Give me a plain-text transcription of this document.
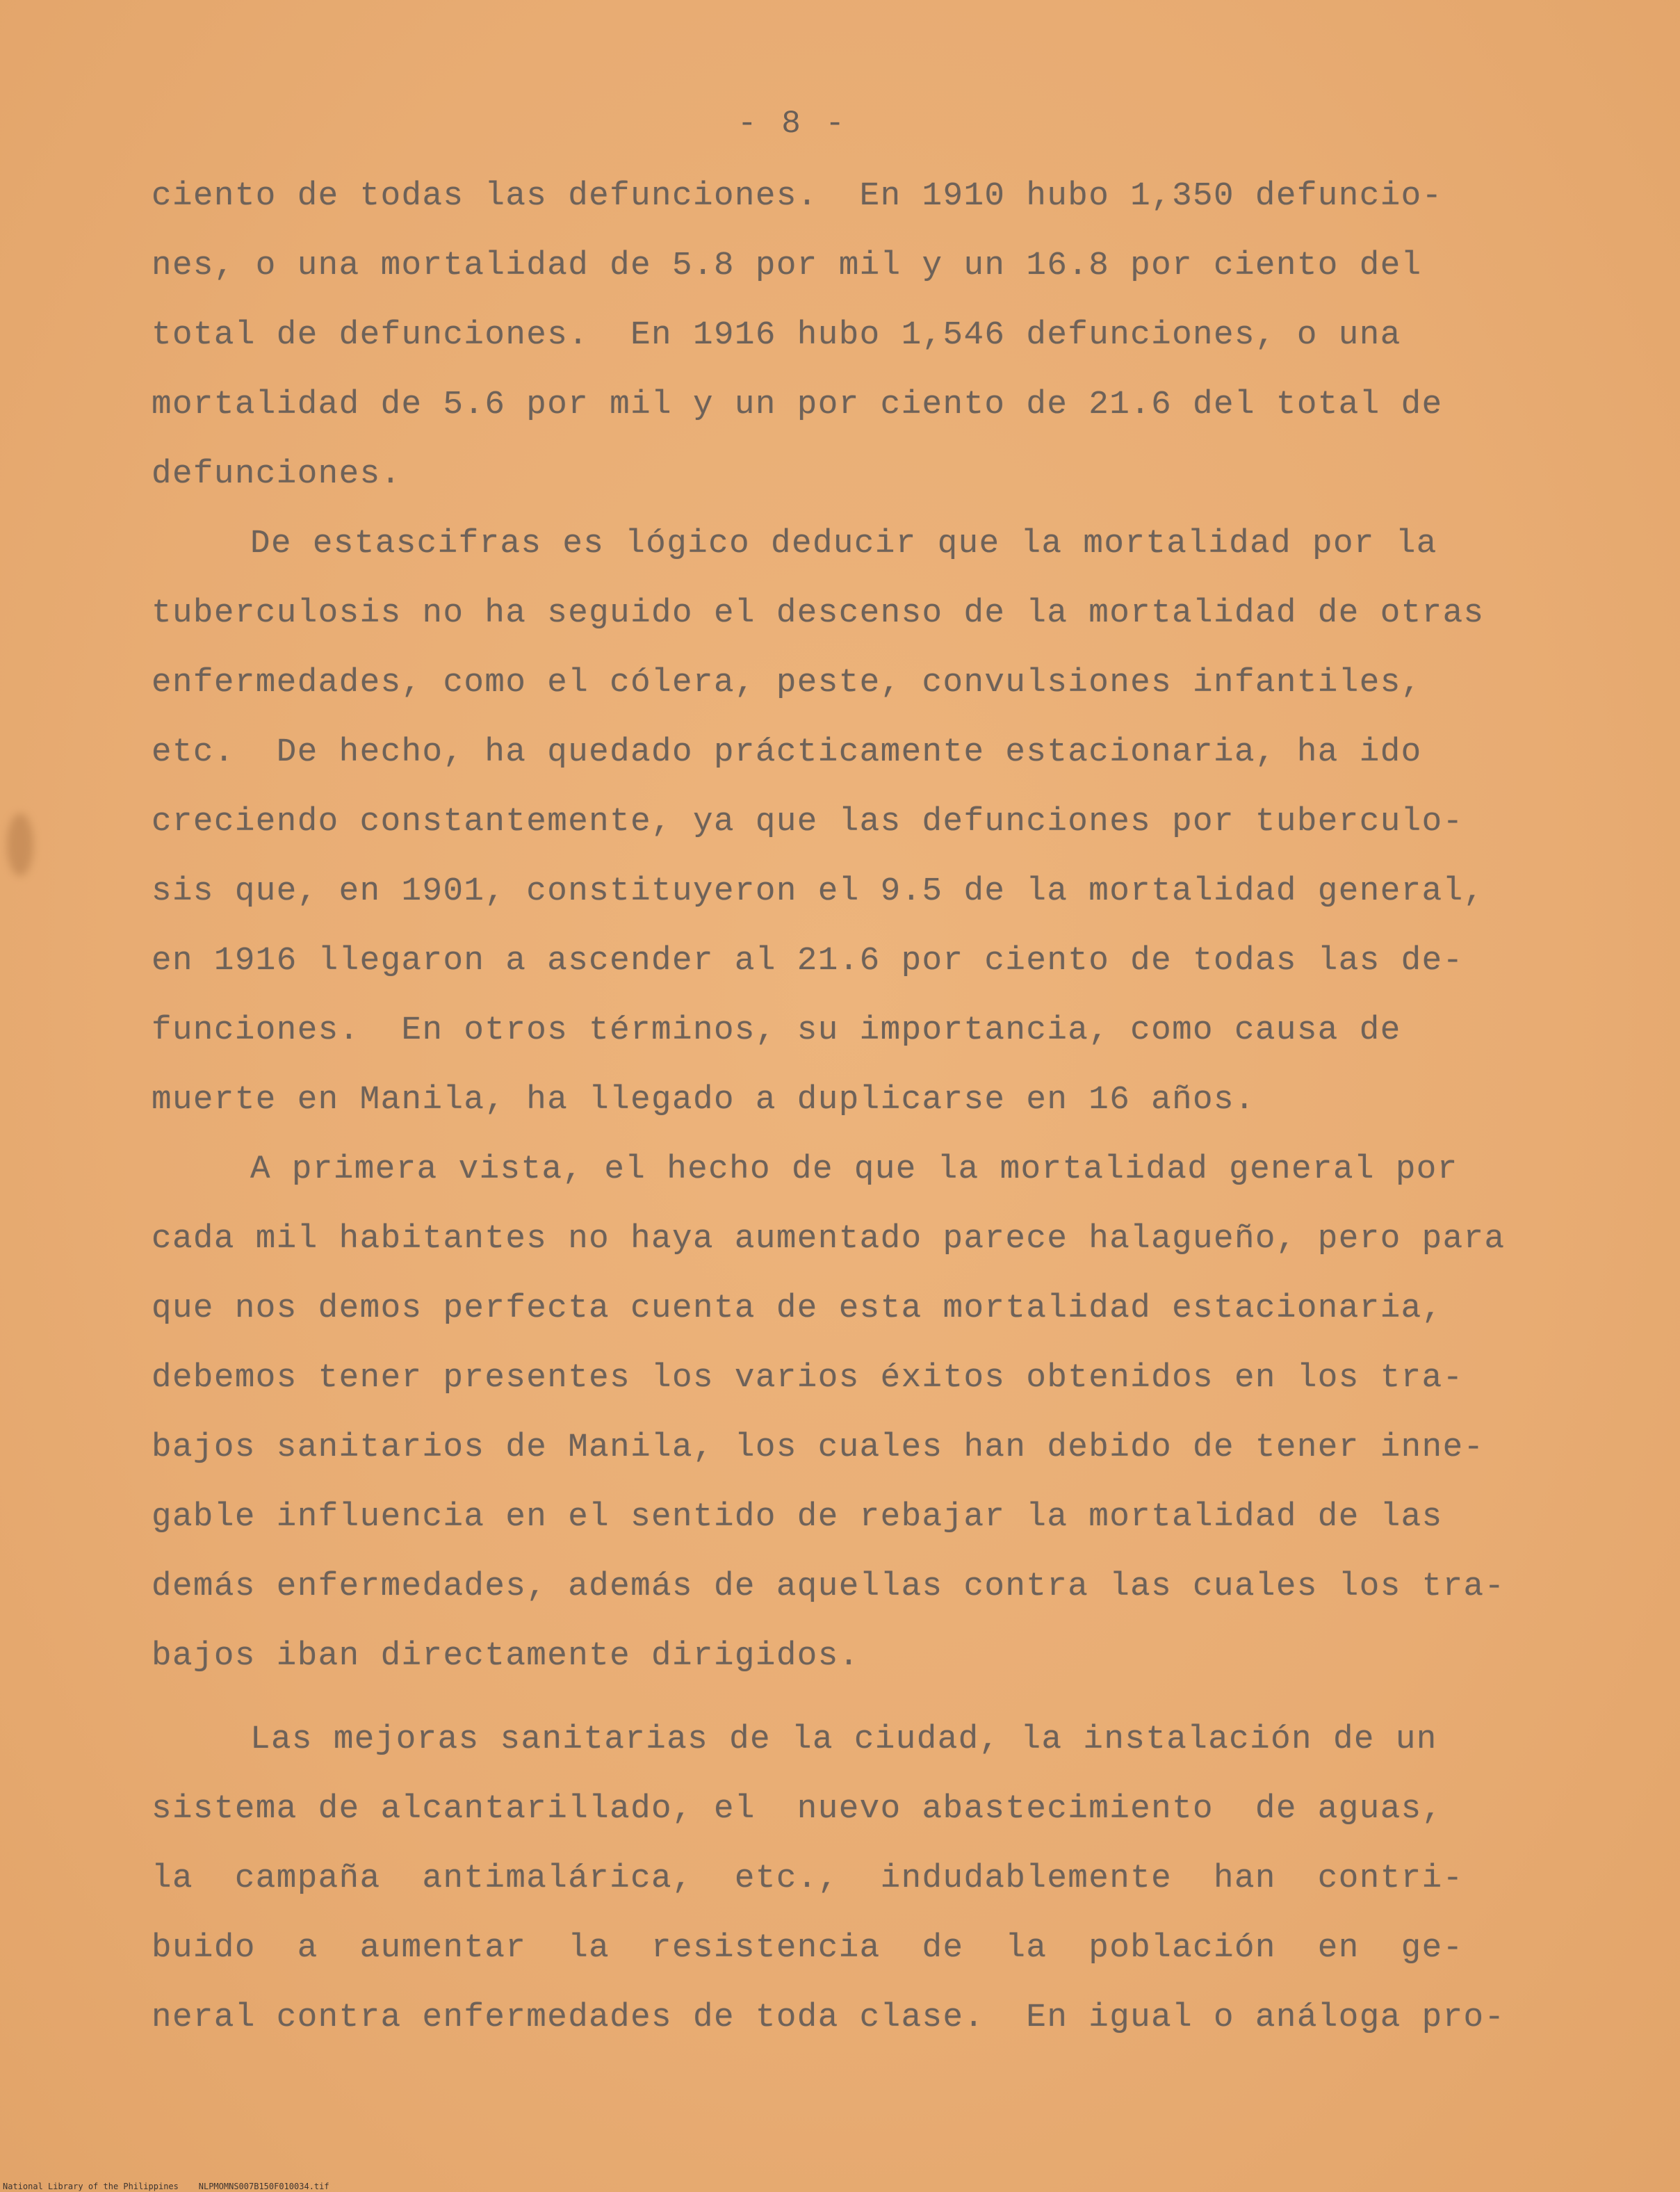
- 8 -
ciento de todas las defunciones.  En 1910 hubo 1,350 defuncio-
nes, o una mortalidad de 5.8 por mil y un 16.8 por ciento del
total de defunciones.  En 1916 hubo 1,546 defunciones, o una
mortalidad de 5.6 por mil y un por ciento de 21.6 del total de
defunciones.
De estascifras es lógico deducir que la mortalidad por la
tuberculosis no ha seguido el descenso de la mortalidad de otras
enfermedades, como el cólera, peste, convulsiones infantiles,
etc.  De hecho, ha quedado prácticamente estacionaria, ha ido
creciendo constantemente, ya que las defunciones por tuberculo-
sis que, en 1901, constituyeron el 9.5 de la mortalidad general,
en 1916 llegaron a ascender al 21.6 por ciento de todas las de-
funciones.  En otros términos, su importancia, como causa de
muerte en Manila, ha llegado a duplicarse en 16 años.
A primera vista, el hecho de que la mortalidad general por
cada mil habitantes no haya aumentado parece halagueño, pero para
que nos demos perfecta cuenta de esta mortalidad estacionaria,
debemos tener presentes los varios éxitos obtenidos en los tra-
bajos sanitarios de Manila, los cuales han debido de tener inne-
gable influencia en el sentido de rebajar la mortalidad de las
demás enfermedades, además de aquellas contra las cuales los tra-
bajos iban directamente dirigidos.
Las mejoras sanitarias de la ciudad, la instalación de un
sistema de alcantarillado, el  nuevo abastecimiento  de aguas,
la  campaña  antimalárica,  etc.,  indudablemente  han  contri-
buido  a  aumentar  la  resistencia  de  la  población  en  ge-
neral contra enfermedades de toda clase.  En igual o análoga pro-
National Library of the Philippines    NLPMOMNS007B150F010034.tif
